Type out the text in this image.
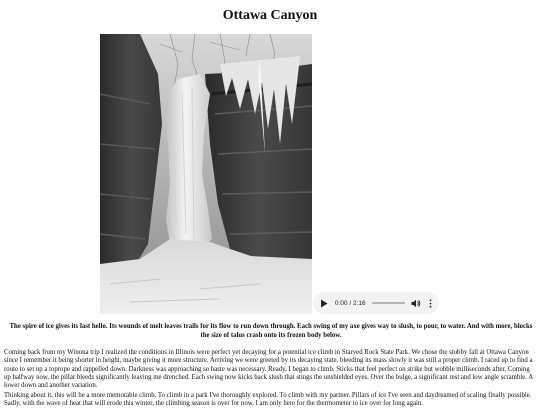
Ottawa Canyon
0:00 / 2:16
The spire of ice gives its last hello. Its wounds of melt leaves trails for its flow to run down through. Each swing of my axe gives way to slush, to pour, to water. And with more, blocks the size of talus crash onto its frozen body below.

Coming back from my Winona trip I realized the conditions in Illinois were perfect yet decaying for a potential ice climb in Starved Rock State Park. We chose the stubby fall at Ottawa Canyon since I remember it being shorter in height, maybe giving it more structure. Arriving we were greeted by its decaying state, bleeding its mass slowly it was still a proper climb. I raced up to find a route to set up a toprope and rappelled down. Darkness was approaching so haste was necessary. Ready, I began to climb. Sticks that feel perfect on strike but wobble milliseconds after. Coming up halfway now, the pillar bleeds significantly leaving me drenched. Each swing now kicks back slush that stings the unshielded eyes. Over the bulge, a significant rest and low angle scramble. A lower down and another variation.

Thinking about it, this will be a more memorable climb. To climb in a park I've thoroughly explored. To climb with my partner. Pillars of ice I've seen and daydreamed of scaling finally possible. Sadly, with the wave of heat that will erode this winter, the climbing season is over for now. I am only here for the thermometer to ice over for long again.
